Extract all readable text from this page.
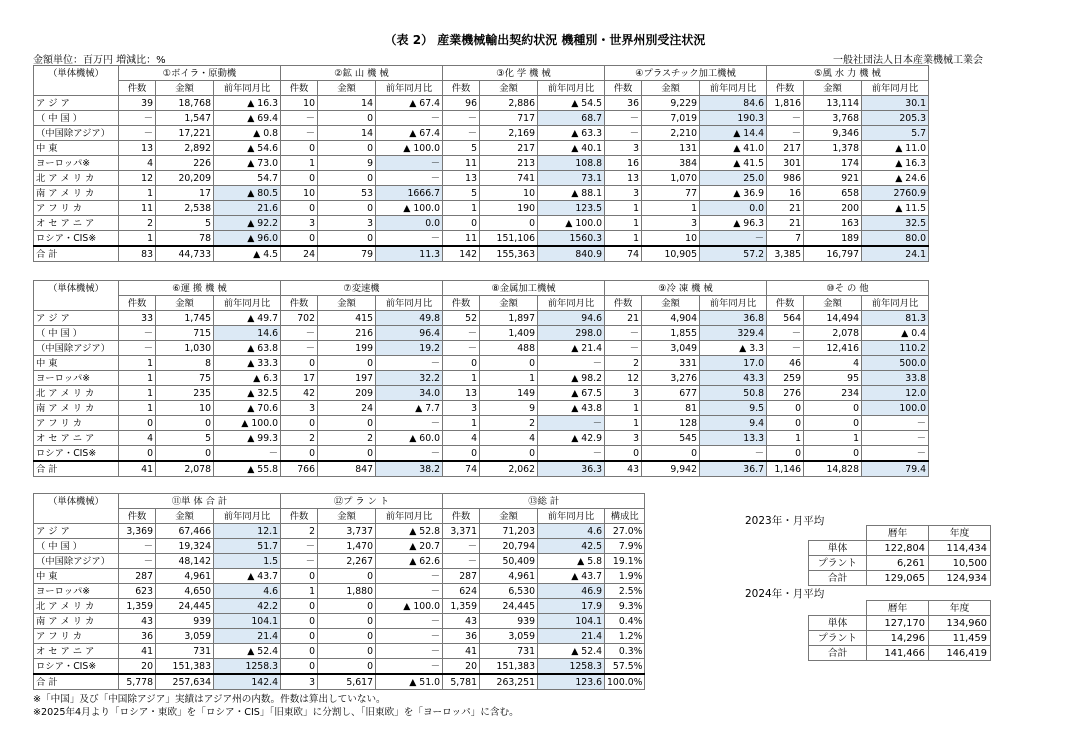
（表 2） 産業機械輸出契約状況 機種別・世界州別受注状況
金額単位：百万円 増減比：%	一般社団法人日本産業機械工業会
（単体機械）	①ボイラ・原動機			②鉱 山 機 械			③化 学 機 械			④プラスチック加工機械			⑤風 水 力 機 械		
	件数	金額	前年同月比	件数	金額	前年同月比	件数	金額	前年同月比	件数	金額	前年同月比	件数	金額	前年同月比
ア ジ ア	39	18,768	▲ 16.3	10	14	▲ 67.4	96	2,886	▲ 54.5	36	9,229	84.6	1,816	13,114	30.1
（ 中 国 ）	－	1,547	▲ 69.4	－	0	－	－	717	68.7	－	7,019	190.3	－	3,768	205.3
（中国除アジア）	－	17,221	▲ 0.8	－	14	▲ 67.4	－	2,169	▲ 63.3	－	2,210	▲ 14.4	－	9,346	5.7
中 東	13	2,892	▲ 54.6	0	0	▲ 100.0	5	217	▲ 40.1	3	131	▲ 41.0	217	1,378	▲ 11.0
ヨーロッパ※	4	226	▲ 73.0	1	9	－	11	213	108.8	16	384	▲ 41.5	301	174	▲ 16.3
北 ア メ リ カ	12	20,209	54.7	0	0	－	13	741	73.1	13	1,070	25.0	986	921	▲ 24.6
南 ア メ リ カ	1	17	▲ 80.5	10	53	1666.7	5	10	▲ 88.1	3	77	▲ 36.9	16	658	2760.9
ア フ リ カ	11	2,538	21.6	0	0	▲ 100.0	1	190	123.5	1	1	0.0	21	200	▲ 11.5
オ セ ア ニ ア	2	5	▲ 92.2	3	3	0.0	0	0	▲ 100.0	1	3	▲ 96.3	21	163	32.5
ロシア・CIS※	1	78	▲ 96.0	0	0	－	11	151,106	1560.3	1	10	－	7	189	80.0
合 計	83	44,733	▲ 4.5	24	79	11.3	142	155,363	840.9	74	10,905	57.2	3,385	16,797	24.1
（単体機械）	⑥運 搬 機 械			⑦変速機			⑧金属加工機械			⑨冷 凍 機 械			⑩そ の 他		
	件数	金額	前年同月比	件数	金額	前年同月比	件数	金額	前年同月比	件数	金額	前年同月比	件数	金額	前年同月比
ア ジ ア	33	1,745	▲ 49.7	702	415	49.8	52	1,897	94.6	21	4,904	36.8	564	14,494	81.3
（ 中 国 ）	－	715	14.6	－	216	96.4	－	1,409	298.0	－	1,855	329.4	－	2,078	▲ 0.4
（中国除アジア）	－	1,030	▲ 63.8	－	199	19.2	－	488	▲ 21.4	－	3,049	▲ 3.3	－	12,416	110.2
中 東	1	8	▲ 33.3	0	0	－	0	0	－	2	331	17.0	46	4	500.0
ヨーロッパ※	1	75	▲ 6.3	17	197	32.2	1	1	▲ 98.2	12	3,276	43.3	259	95	33.8
北 ア メ リ カ	1	235	▲ 32.5	42	209	34.0	13	149	▲ 67.5	3	677	50.8	276	234	12.0
南 ア メ リ カ	1	10	▲ 70.6	3	24	▲ 7.7	3	9	▲ 43.8	1	81	9.5	0	0	100.0
ア フ リ カ	0	0	▲ 100.0	0	0	－	1	2	－	1	128	9.4	0	0	－
オ セ ア ニ ア	4	5	▲ 99.3	2	2	▲ 60.0	4	4	▲ 42.9	3	545	13.3	1	1	－
ロシア・CIS※	0	0	－	0	0	－	0	0	－	0	0	－	0	0	－
合 計	41	2,078	▲ 55.8	766	847	38.2	74	2,062	36.3	43	9,942	36.7	1,146	14,828	79.4
（単体機械）	⑪単 体 合 計			⑫プ ラ ン ト			⑬総 計			
	件数	金額	前年同月比	件数	金額	前年同月比	件数	金額	前年同月比	構成比
ア ジ ア	3,369	67,466	12.1	2	3,737	▲ 52.8	3,371	71,203	4.6	27.0%
（ 中 国 ）	－	19,324	51.7	－	1,470	▲ 20.7	－	20,794	42.5	7.9%
（中国除アジア）	－	48,142	1.5	－	2,267	▲ 62.6	－	50,409	▲ 5.8	19.1%
中 東	287	4,961	▲ 43.7	0	0	－	287	4,961	▲ 43.7	1.9%
ヨーロッパ※	623	4,650	4.6	1	1,880	－	624	6,530	46.9	2.5%
北 ア メ リ カ	1,359	24,445	42.2	0	0	▲ 100.0	1,359	24,445	17.9	9.3%
南 ア メ リ カ	43	939	104.1	0	0	－	43	939	104.1	0.4%
ア フ リ カ	36	3,059	21.4	0	0	－	36	3,059	21.4	1.2%
オ セ ア ニ ア	41	731	▲ 52.4	0	0	－	41	731	▲ 52.4	0.3%
ロシア・CIS※	20	151,383	1258.3	0	0	－	20	151,383	1258.3	57.5%
合 計	5,778	257,634	142.4	3	5,617	▲ 51.0	5,781	263,251	123.6	100.0%
2023年・月平均
	暦年	年度
単体	122,804	114,434
プラント	6,261	10,500
合計	129,065	124,934
2024年・月平均
	暦年	年度
単体	127,170	134,960
プラント	14,296	11,459
合計	141,466	146,419
※「中国」及び「中国除アジア」実績はアジア州の内数。件数は算出していない。
※2025年4月より「ロシア・東欧」を「ロシア・CIS」「旧東欧」に分割し、「旧東欧」を「ヨーロッパ」に含む。
